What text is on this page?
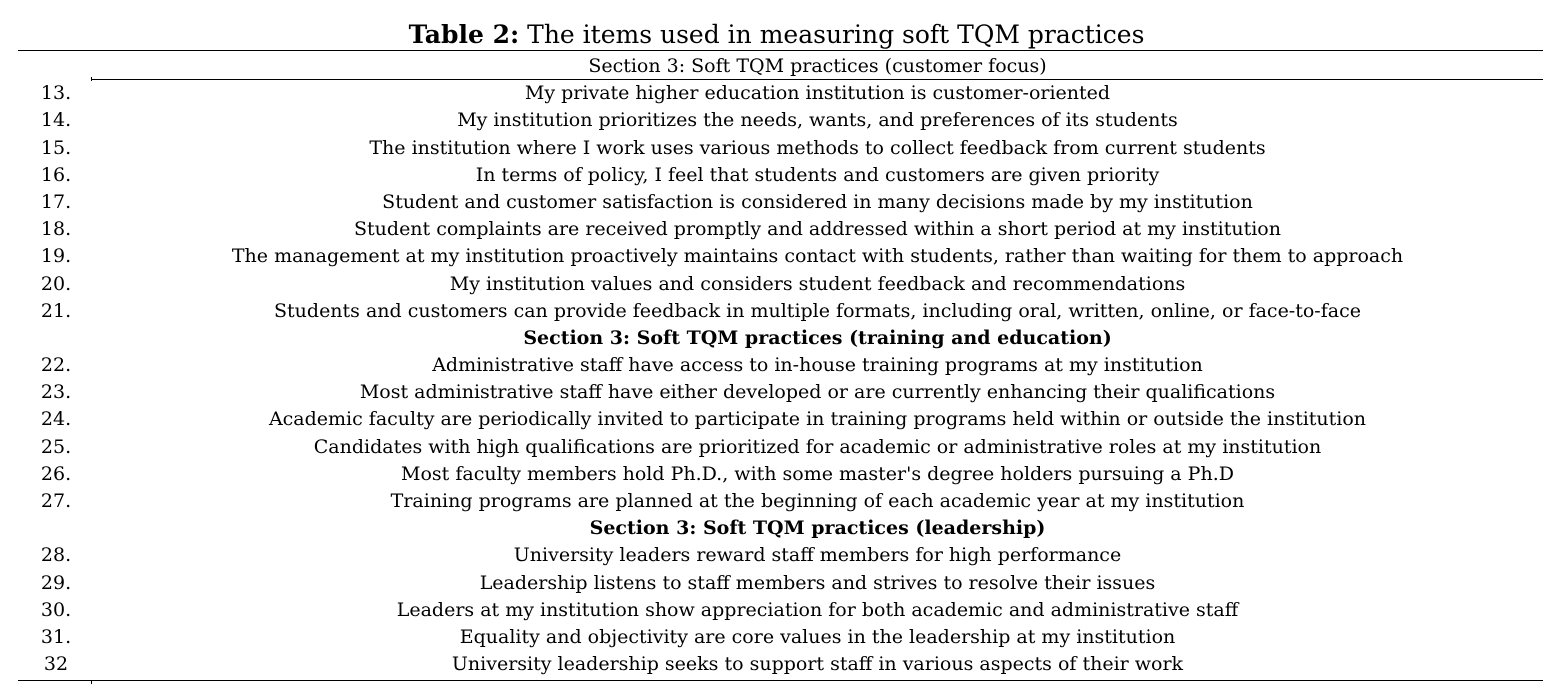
Table 2: The items used in measuring soft TQM practices
Section 3: Soft TQM practices (customer focus)
13.	My private higher education institution is customer-oriented
14.	My institution prioritizes the needs, wants, and preferences of its students
15.	The institution where I work uses various methods to collect feedback from current students
16.	In terms of policy, I feel that students and customers are given priority
17.	Student and customer satisfaction is considered in many decisions made by my institution
18.	Student complaints are received promptly and addressed within a short period at my institution
19.	The management at my institution proactively maintains contact with students, rather than waiting for them to approach
20.	My institution values and considers student feedback and recommendations
21.	Students and customers can provide feedback in multiple formats, including oral, written, online, or face-to-face
Section 3: Soft TQM practices (training and education)
22.	Administrative staff have access to in-house training programs at my institution
23.	Most administrative staff have either developed or are currently enhancing their qualifications
24.	Academic faculty are periodically invited to participate in training programs held within or outside the institution
25.	Candidates with high qualifications are prioritized for academic or administrative roles at my institution
26.	Most faculty members hold Ph.D., with some master's degree holders pursuing a Ph.D
27.	Training programs are planned at the beginning of each academic year at my institution
Section 3: Soft TQM practices (leadership)
28.	University leaders reward staff members for high performance
29.	Leadership listens to staff members and strives to resolve their issues
30.	Leaders at my institution show appreciation for both academic and administrative staff
31.	Equality and objectivity are core values in the leadership at my institution
32	University leadership seeks to support staff in various aspects of their work
